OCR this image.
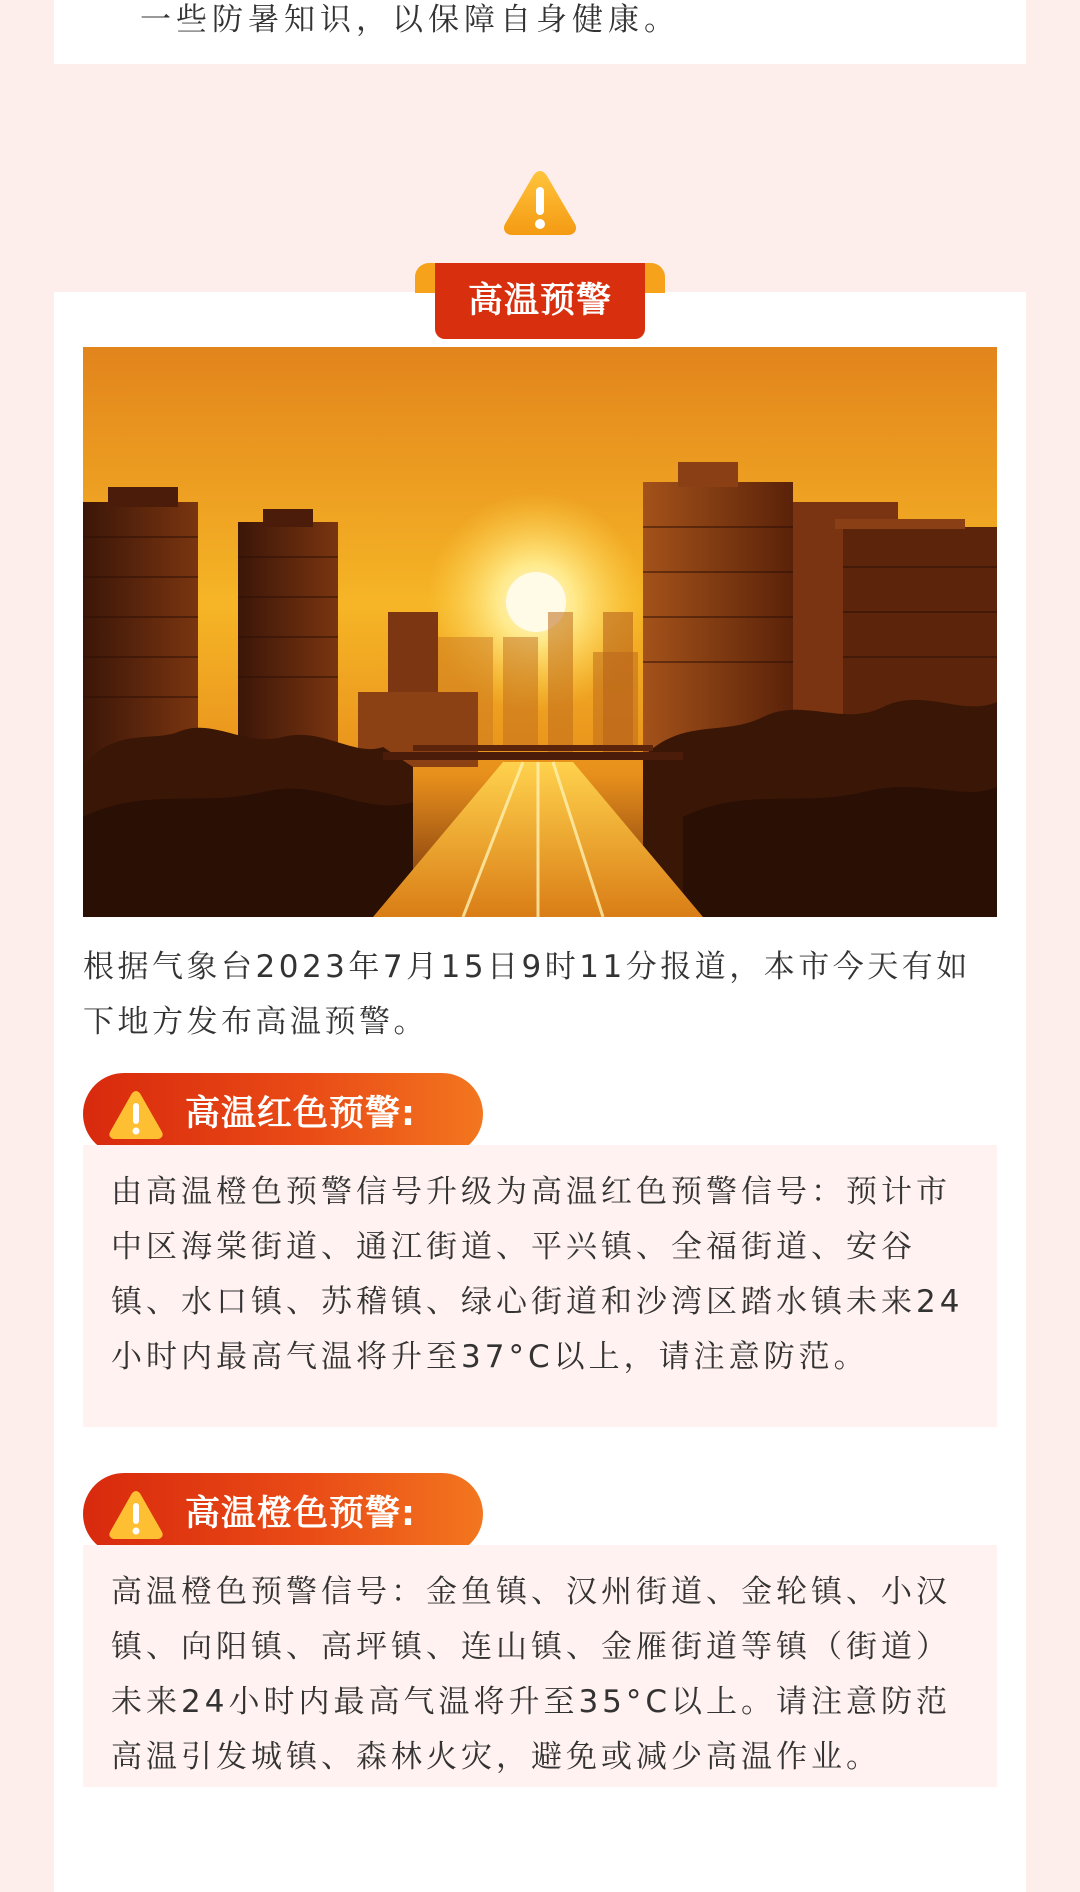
一些防暑知识，以保障自身健康。
高温预警
根据气象台2023年7月15日9时11分报道，本市今天有如下地方发布高温预警。
高温红色预警:
由高温橙色预警信号升级为高温红色预警信号：预计市中区海棠街道、通江街道、平兴镇、全福街道、安谷镇、水口镇、苏稽镇、绿心街道和沙湾区踏水镇未来24小时内最高气温将升至37°C以上，请注意防范。
高温橙色预警:
高温橙色预警信号：金鱼镇、汉州街道、金轮镇、小汉镇、向阳镇、高坪镇、连山镇、金雁街道等镇（街道）未来24小时内最高气温将升至35°C以上。请注意防范高温引发城镇、森林火灾，避免或减少高温作业。
